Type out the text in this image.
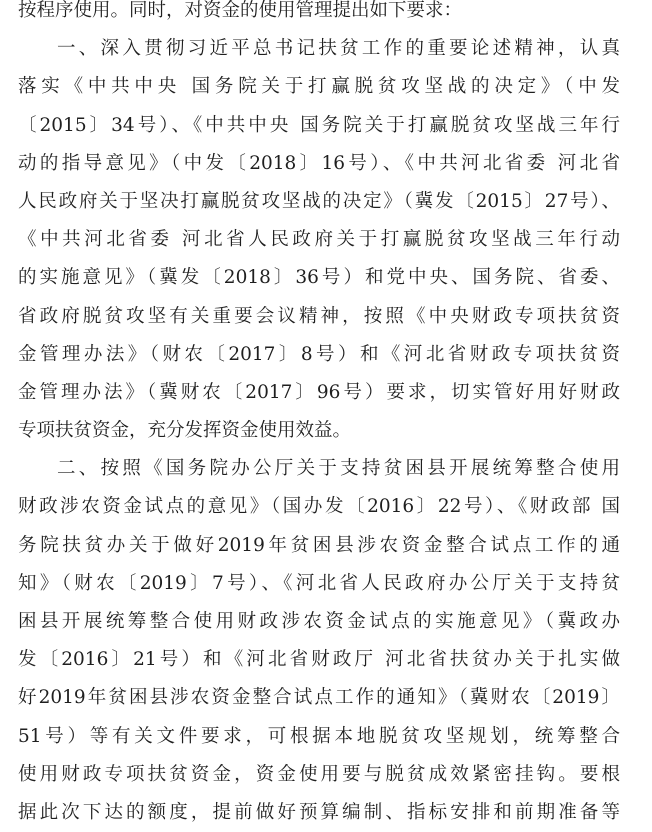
按程序使用。同时，对资金的使用管理提出如下要求：
一、深入贯彻习近平总书记扶贫工作的重要论述精神，认真
落实《中共中央 国务院关于打赢脱贫攻坚战的决定》（中发
〔2015〕34号）、《中共中央 国务院关于打赢脱贫攻坚战三年行
动的指导意见》（中发〔2018〕16号）、《中共河北省委 河北省
人民政府关于坚决打赢脱贫攻坚战的决定》（冀发〔2015〕27号）、
《中共河北省委 河北省人民政府关于打赢脱贫攻坚战三年行动
的实施意见》（冀发〔2018〕36号）和党中央、国务院、省委、
省政府脱贫攻坚有关重要会议精神，按照《中央财政专项扶贫资
金管理办法》（财农〔2017〕8号）和《河北省财政专项扶贫资
金管理办法》（冀财农〔2017〕96号）要求，切实管好用好财政
专项扶贫资金，充分发挥资金使用效益。
二、按照《国务院办公厅关于支持贫困县开展统筹整合使用
财政涉农资金试点的意见》（国办发〔2016〕22号）、《财政部 国
务院扶贫办关于做好2019年贫困县涉农资金整合试点工作的通
知》（财农〔2019〕7号）、《河北省人民政府办公厅关于支持贫
困县开展统筹整合使用财政涉农资金试点的实施意见》（冀政办
发〔2016〕21号）和《河北省财政厅 河北省扶贫办关于扎实做
好2019年贫困县涉农资金整合试点工作的通知》（冀财农〔2019〕
51号）等有关文件要求，可根据本地脱贫攻坚规划，统筹整合
使用财政专项扶贫资金，资金使用要与脱贫成效紧密挂钩。要根
据此次下达的额度，提前做好预算编制、指标安排和前期准备等
